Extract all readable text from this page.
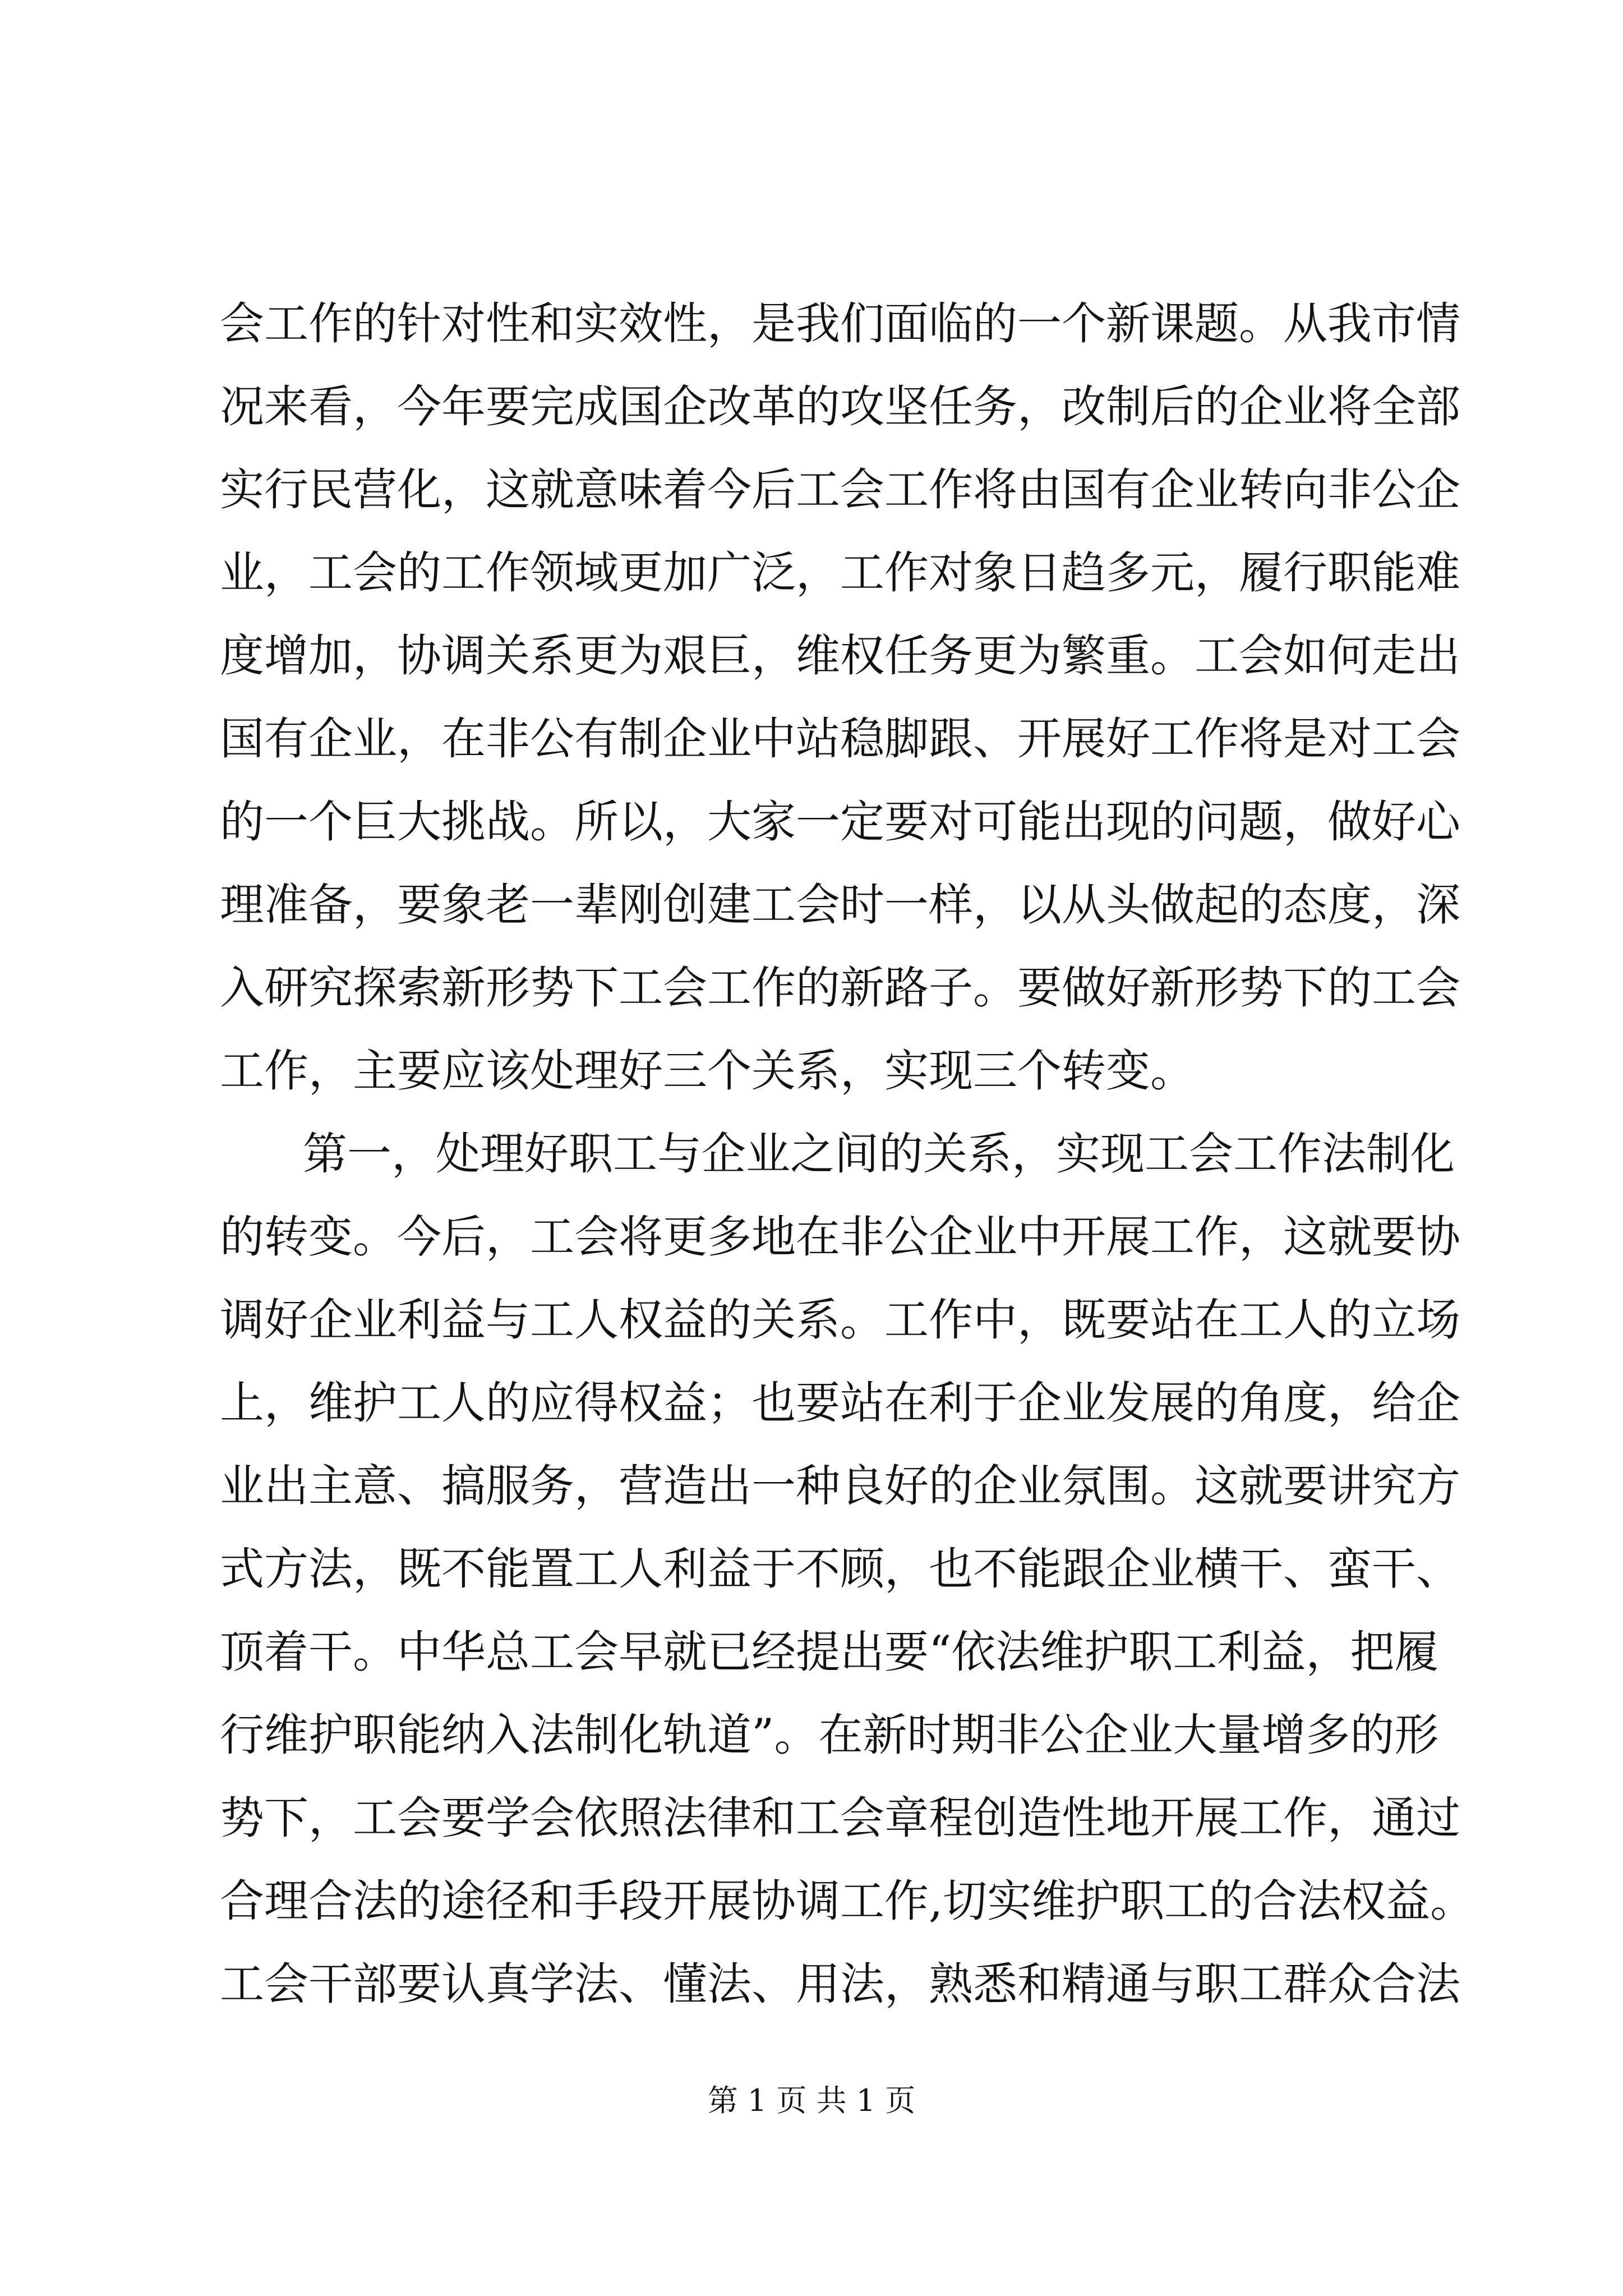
会工作的针对性和实效性，是我们面临的一个新课题。从我市情
况来看，今年要完成国企改革的攻坚任务，改制后的企业将全部
实行民营化，这就意味着今后工会工作将由国有企业转向非公企
业，工会的工作领域更加广泛，工作对象日趋多元，履行职能难
度增加，协调关系更为艰巨，维权任务更为繁重。工会如何走出
国有企业，在非公有制企业中站稳脚跟、开展好工作将是对工会
的一个巨大挑战。所以，大家一定要对可能出现的问题，做好心
理准备，要象老一辈刚创建工会时一样，以从头做起的态度，深
入研究探索新形势下工会工作的新路子。要做好新形势下的工会
工作，主要应该处理好三个关系，实现三个转变。
第一，处理好职工与企业之间的关系，实现工会工作法制化
的转变。今后，工会将更多地在非公企业中开展工作，这就要协
调好企业利益与工人权益的关系。工作中，既要站在工人的立场
上，维护工人的应得权益；也要站在利于企业发展的角度，给企
业出主意、搞服务，营造出一种良好的企业氛围。这就要讲究方
式方法，既不能置工人利益于不顾，也不能跟企业横干、蛮干、
顶着干。中华总工会早就已经提出要“依法维护职工利益，把履
行维护职能纳入法制化轨道”。在新时期非公企业大量增多的形
势下，工会要学会依照法律和工会章程创造性地开展工作，通过
合理合法的途径和手段开展协调工作,切实维护职工的合法权益。
工会干部要认真学法、懂法、用法，熟悉和精通与职工群众合法
第 1 页 共 1 页
